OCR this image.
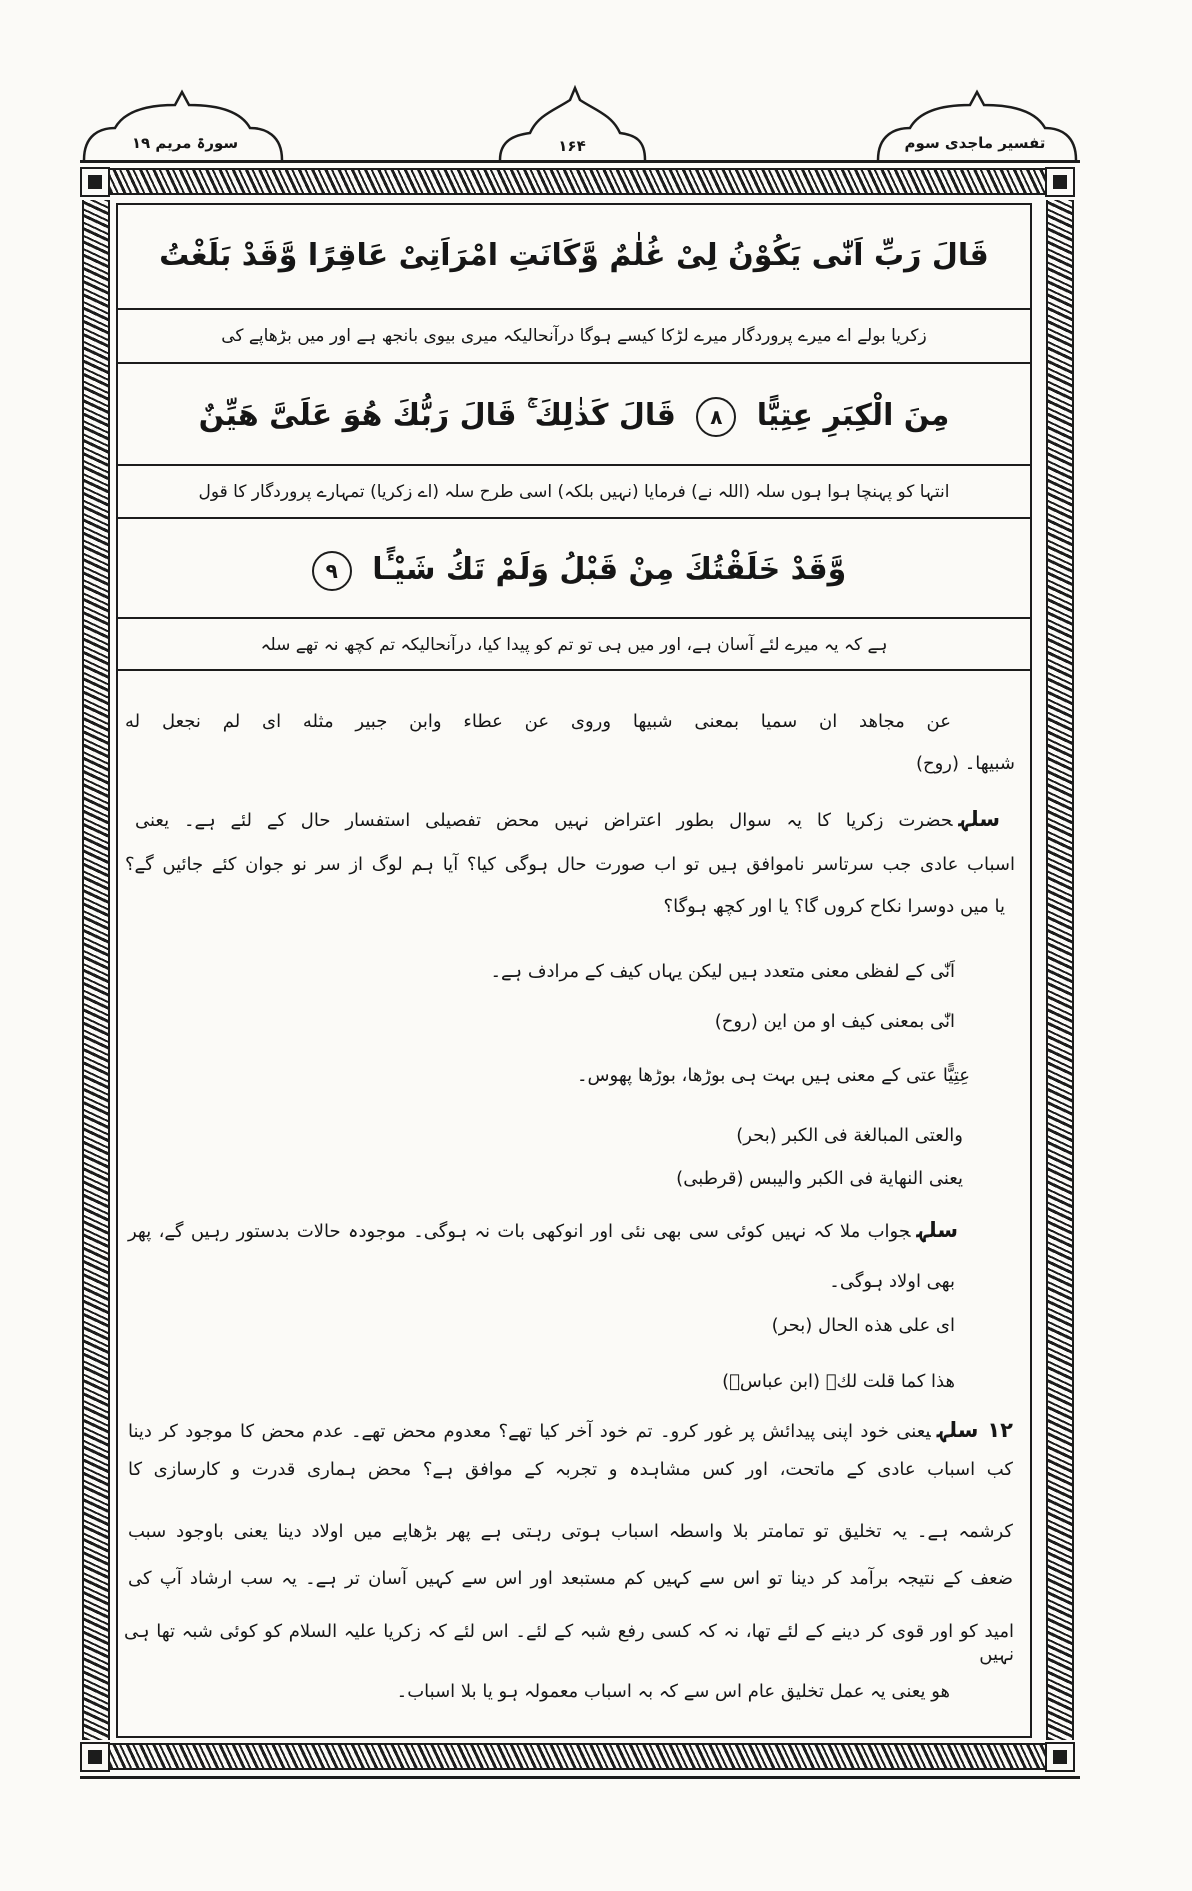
سورۃ مریم ۱۹	۱۶۴	تفسیر ماجدی سوم
قَالَ رَبِّ اَنّٰى يَكُوْنُ لِىْ غُلٰمٌ وَّكَانَتِ امْرَاَتِىْ عَاقِرًا وَّقَدْ بَلَغْتُ
زکریا بولے اے میرے پروردگار میرے لڑکا کیسے ہوگا درآنحالیکہ میری بیوی بانجھ ہے اور میں بڑھاپے کی
مِنَ الْكِبَرِ عِتِيًّا ٨ قَالَ كَذٰلِكَ ۚ قَالَ رَبُّكَ هُوَ عَلَىَّ هَيِّنٌ
انتہا کو پہنچا ہوا ہوں سلہ (اللہ نے) فرمایا (نہیں بلکہ) اسی طرح سلہ (اے زکریا) تمہارے پروردگار کا قول
وَّقَدْ خَلَقْتُكَ مِنْ قَبْلُ وَلَمْ تَكُ شَيْـًٔا ٩
ہے کہ یہ میرے لئے آسان ہے، اور میں ہی تو تم کو پیدا کیا، درآنحالیکہ تم کچھ نہ تھے سلہ
عن مجاهد ان سميا بمعنى شبيها وروى عن عطاء وابن جبير مثله اى لم نجعل له
شبيها۔ (روح)
سلہحضرت زکریا کا یہ سوال بطور اعتراض نہیں محض تفصیلی استفسار حال کے لئے ہے۔ یعنی
اسباب عادی جب سرتاسر ناموافق ہیں تو اب صورت حال ہوگی کیا؟ آیا ہم لوگ از سر نو جوان کئے جائیں گے؟
یا میں دوسرا نکاح کروں گا؟ یا اور کچھ ہوگا؟
اَنّٰى کے لفظی معنی متعدد ہیں لیکن یہاں کیف کے مرادف ہے۔
انّٰى بمعنى كيف او من اين (روح)
عِتِيًّا عتی کے معنی ہیں بہت ہی بوڑھا، بوڑھا پھوس۔
والعتى المبالغة فى الكبر (بحر)
يعنى النهاية فى الكبر واليبس (قرطبى)
سلہجواب ملا کہ نہیں کوئی سی بھی نئی اور انوکھی بات نہ ہوگی۔ موجودہ حالات بدستور رہیں گے، پھر
بھی اولاد ہوگی۔
اى على هذه الحال (بحر)
هذا كما قلت لك۔ (ابن عباسؓ)
۱۲ سلہیعنی خود اپنی پیدائش پر غور کرو۔ تم خود آخر کیا تھے؟ معدوم محض تھے۔ عدم محض کا موجود کر دینا
کب اسباب عادی کے ماتحت، اور کس مشاہدہ و تجربہ کے موافق ہے؟ محض ہماری قدرت و کارسازی کا
کرشمہ ہے۔ یہ تخلیق تو تمامتر بلا واسطہ اسباب ہوتی رہتی ہے پھر بڑھاپے میں اولاد دینا یعنی باوجود سبب
ضعف کے نتیجہ برآمد کر دینا تو اس سے کہیں کم مستبعد اور اس سے کہیں آسان تر ہے۔ یہ سب ارشاد آپ کی
امید کو اور قوی کر دینے کے لئے تھا، نہ کہ کسی رفع شبہ کے لئے۔ اس لئے کہ زکریا علیہ السلام کو کوئی شبہ تھا ہی نہیں
ھو یعنی یہ عمل تخلیق عام اس سے کہ بہ اسباب معمولہ ہو یا بلا اسباب۔
